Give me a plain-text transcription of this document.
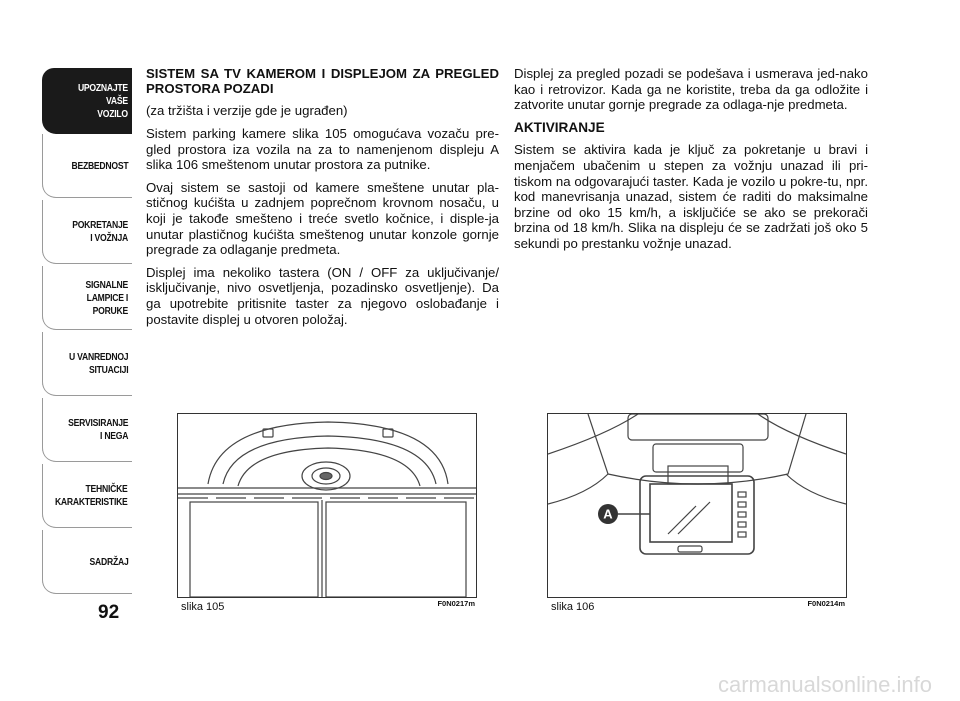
UPOZNAJTE
VAŠE
VOZILO
BEZBEDNOST
POKRETANJE
I VOŽNJA
SIGNALNE
LAMPICE I PORUKE
U VANREDNOJ
SITUACIJI
SERVISIRANJE
I NEGA
TEHNIČKE
KARAKTERISTIKE
SADRŽAJ
92

SISTEM SA TV KAMEROM I DISPLEJOM ZA PREGLED PROSTORA POZADI

(za tržišta i verzije gde je ugrađen)

Sistem parking kamere slika 105 omogućava vozaču pre-gled prostora iza vozila na za to namenjenom displeju A slika 106 smeštenom unutar prostora za putnike.

Ovaj sistem se sastoji od kamere smeštene unutar pla-stičnog kućišta u zadnjem poprečnom krovnom nosaču, u koji je takođe smešteno i treće svetlo kočnice, i disple-ja unutar plastičnog kućišta smeštenog unutar konzole gornje pregrade za odlaganje predmeta.

Displej ima nekoliko tastera (ON / OFF za uključivanje/ isključivanje, nivo osvetljenja, pozadinsko osvetljenje). Da ga upotrebite pritisnite taster za njegovo oslobađanje i postavite displej u otvoren položaj.

Displej za pregled pozadi se podešava i usmerava jed-nako kao i retrovizor. Kada ga ne koristite, treba da ga odložite i zatvorite unutar gornje pregrade za odlaga-nje predmeta.

AKTIVIRANJE

Sistem se aktivira kada je ključ za pokretanje u bravi i menjačem ubačenim u stepen za vožnju unazad ili pri-tiskom na odgovarajući taster. Kada je vozilo u pokre-tu, npr. kod manevrisanja unazad, sistem će raditi do maksimalne brzine od oko 15 km/h, a isključiće se ako se prekorači brzina od 18 km/h. Slika na displeju će se zadržati još oko 5 sekundi po prestanku vožnje unazad.

slika 105	F0N0217m
A
slika 106	F0N0214m
carmanualsonline.info
